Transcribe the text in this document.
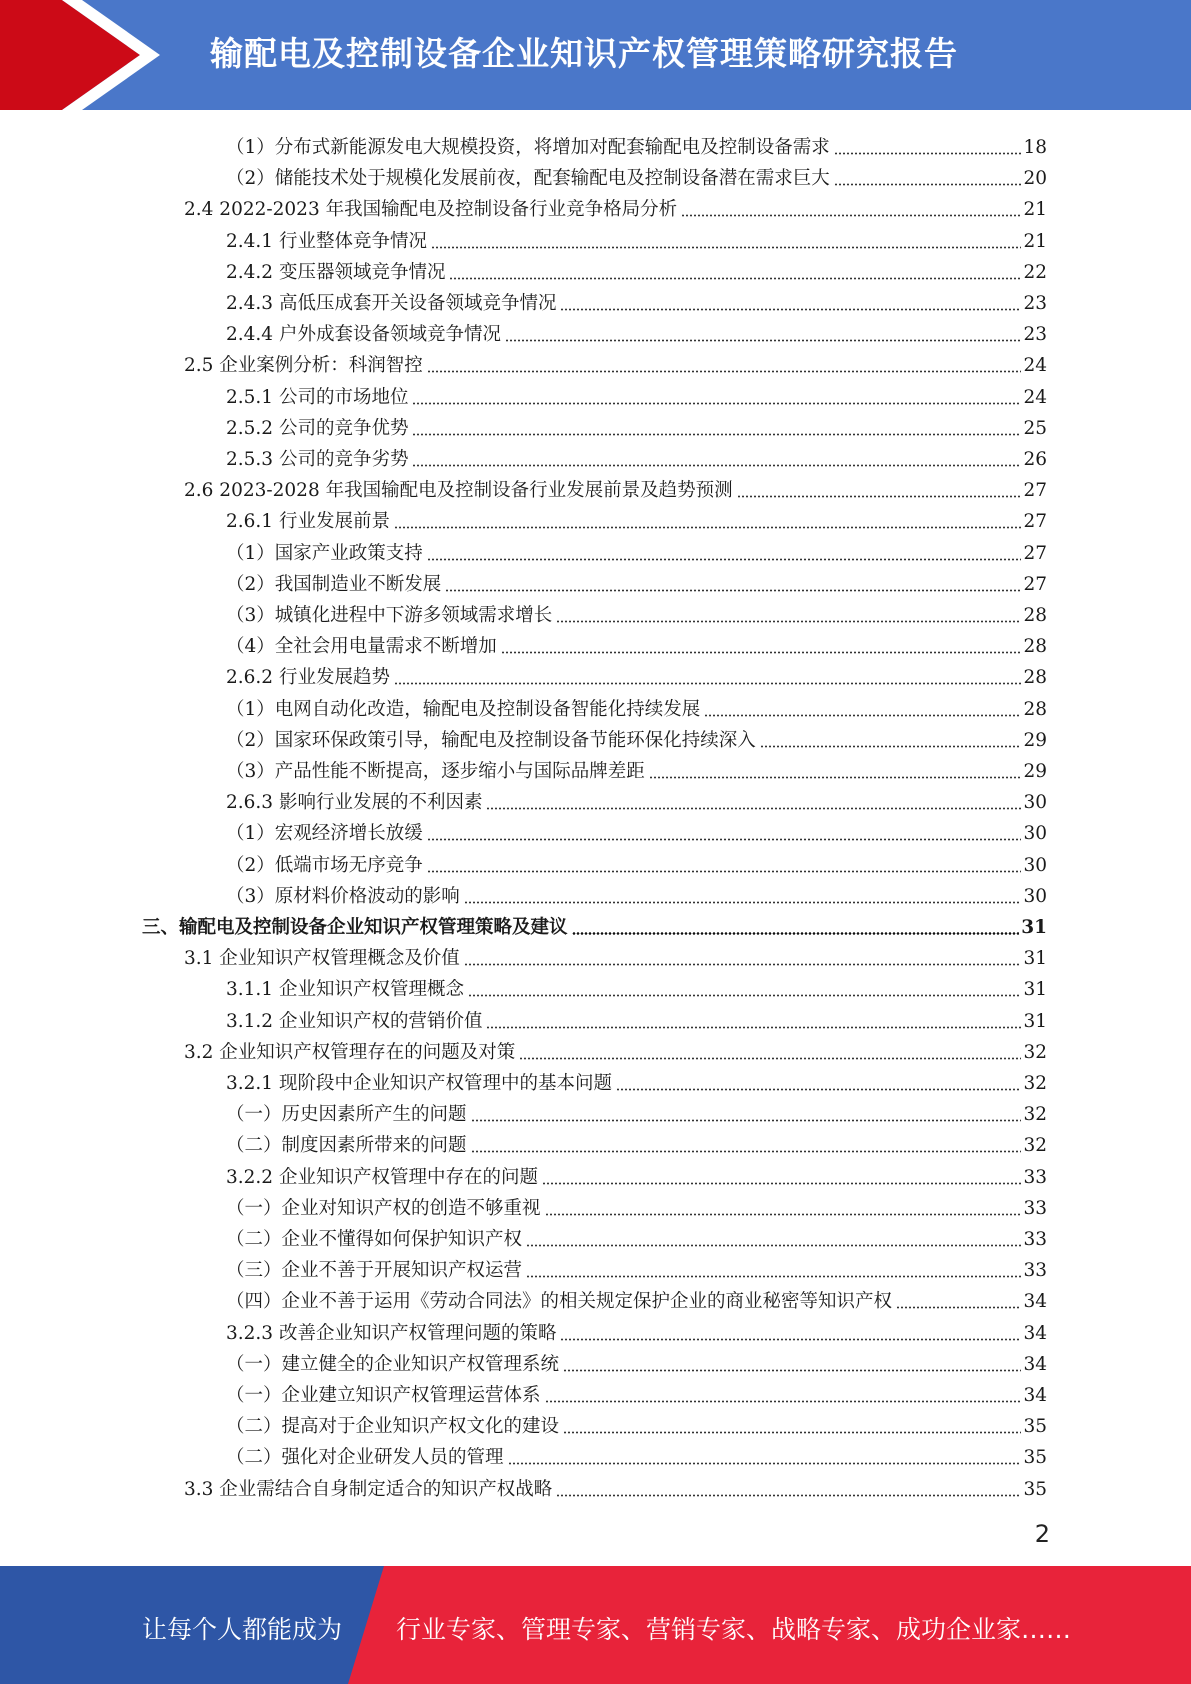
输配电及控制设备企业知识产权管理策略研究报告
（1）分布式新能源发电大规模投资，将增加对配套输配电及控制设备需求	18
（2）储能技术处于规模化发展前夜，配套输配电及控制设备潜在需求巨大	20
2.4 2022-2023 年我国输配电及控制设备行业竞争格局分析	21
2.4.1 行业整体竞争情况	21
2.4.2 变压器领域竞争情况	22
2.4.3 高低压成套开关设备领域竞争情况	23
2.4.4 户外成套设备领域竞争情况	23
2.5 企业案例分析：科润智控	24
2.5.1 公司的市场地位	24
2.5.2 公司的竞争优势	25
2.5.3 公司的竞争劣势	26
2.6 2023-2028 年我国输配电及控制设备行业发展前景及趋势预测	27
2.6.1 行业发展前景	27
（1）国家产业政策支持	27
（2）我国制造业不断发展	27
（3）城镇化进程中下游多领域需求增长	28
（4）全社会用电量需求不断增加	28
2.6.2 行业发展趋势	28
（1）电网自动化改造，输配电及控制设备智能化持续发展	28
（2）国家环保政策引导，输配电及控制设备节能环保化持续深入	29
（3）产品性能不断提高，逐步缩小与国际品牌差距	29
2.6.3 影响行业发展的不利因素	30
（1）宏观经济增长放缓	30
（2）低端市场无序竞争	30
（3）原材料价格波动的影响	30
三、输配电及控制设备企业知识产权管理策略及建议	31
3.1 企业知识产权管理概念及价值	31
3.1.1 企业知识产权管理概念	31
3.1.2 企业知识产权的营销价值	31
3.2 企业知识产权管理存在的问题及对策	32
3.2.1 现阶段中企业知识产权管理中的基本问题	32
（一）历史因素所产生的问题	32
（二）制度因素所带来的问题	32
3.2.2 企业知识产权管理中存在的问题	33
（一）企业对知识产权的创造不够重视	33
（二）企业不懂得如何保护知识产权	33
（三）企业不善于开展知识产权运营	33
（四）企业不善于运用《劳动合同法》的相关规定保护企业的商业秘密等知识产权	34
3.2.3 改善企业知识产权管理问题的策略	34
（一）建立健全的企业知识产权管理系统	34
（一）企业建立知识产权管理运营体系	34
（二）提高对于企业知识产权文化的建设	35
（二）强化对企业研发人员的管理	35
3.3 企业需结合自身制定适合的知识产权战略	35
2
让每个人都能成为 行业专家、管理专家、营销专家、战略专家、成功企业家……
